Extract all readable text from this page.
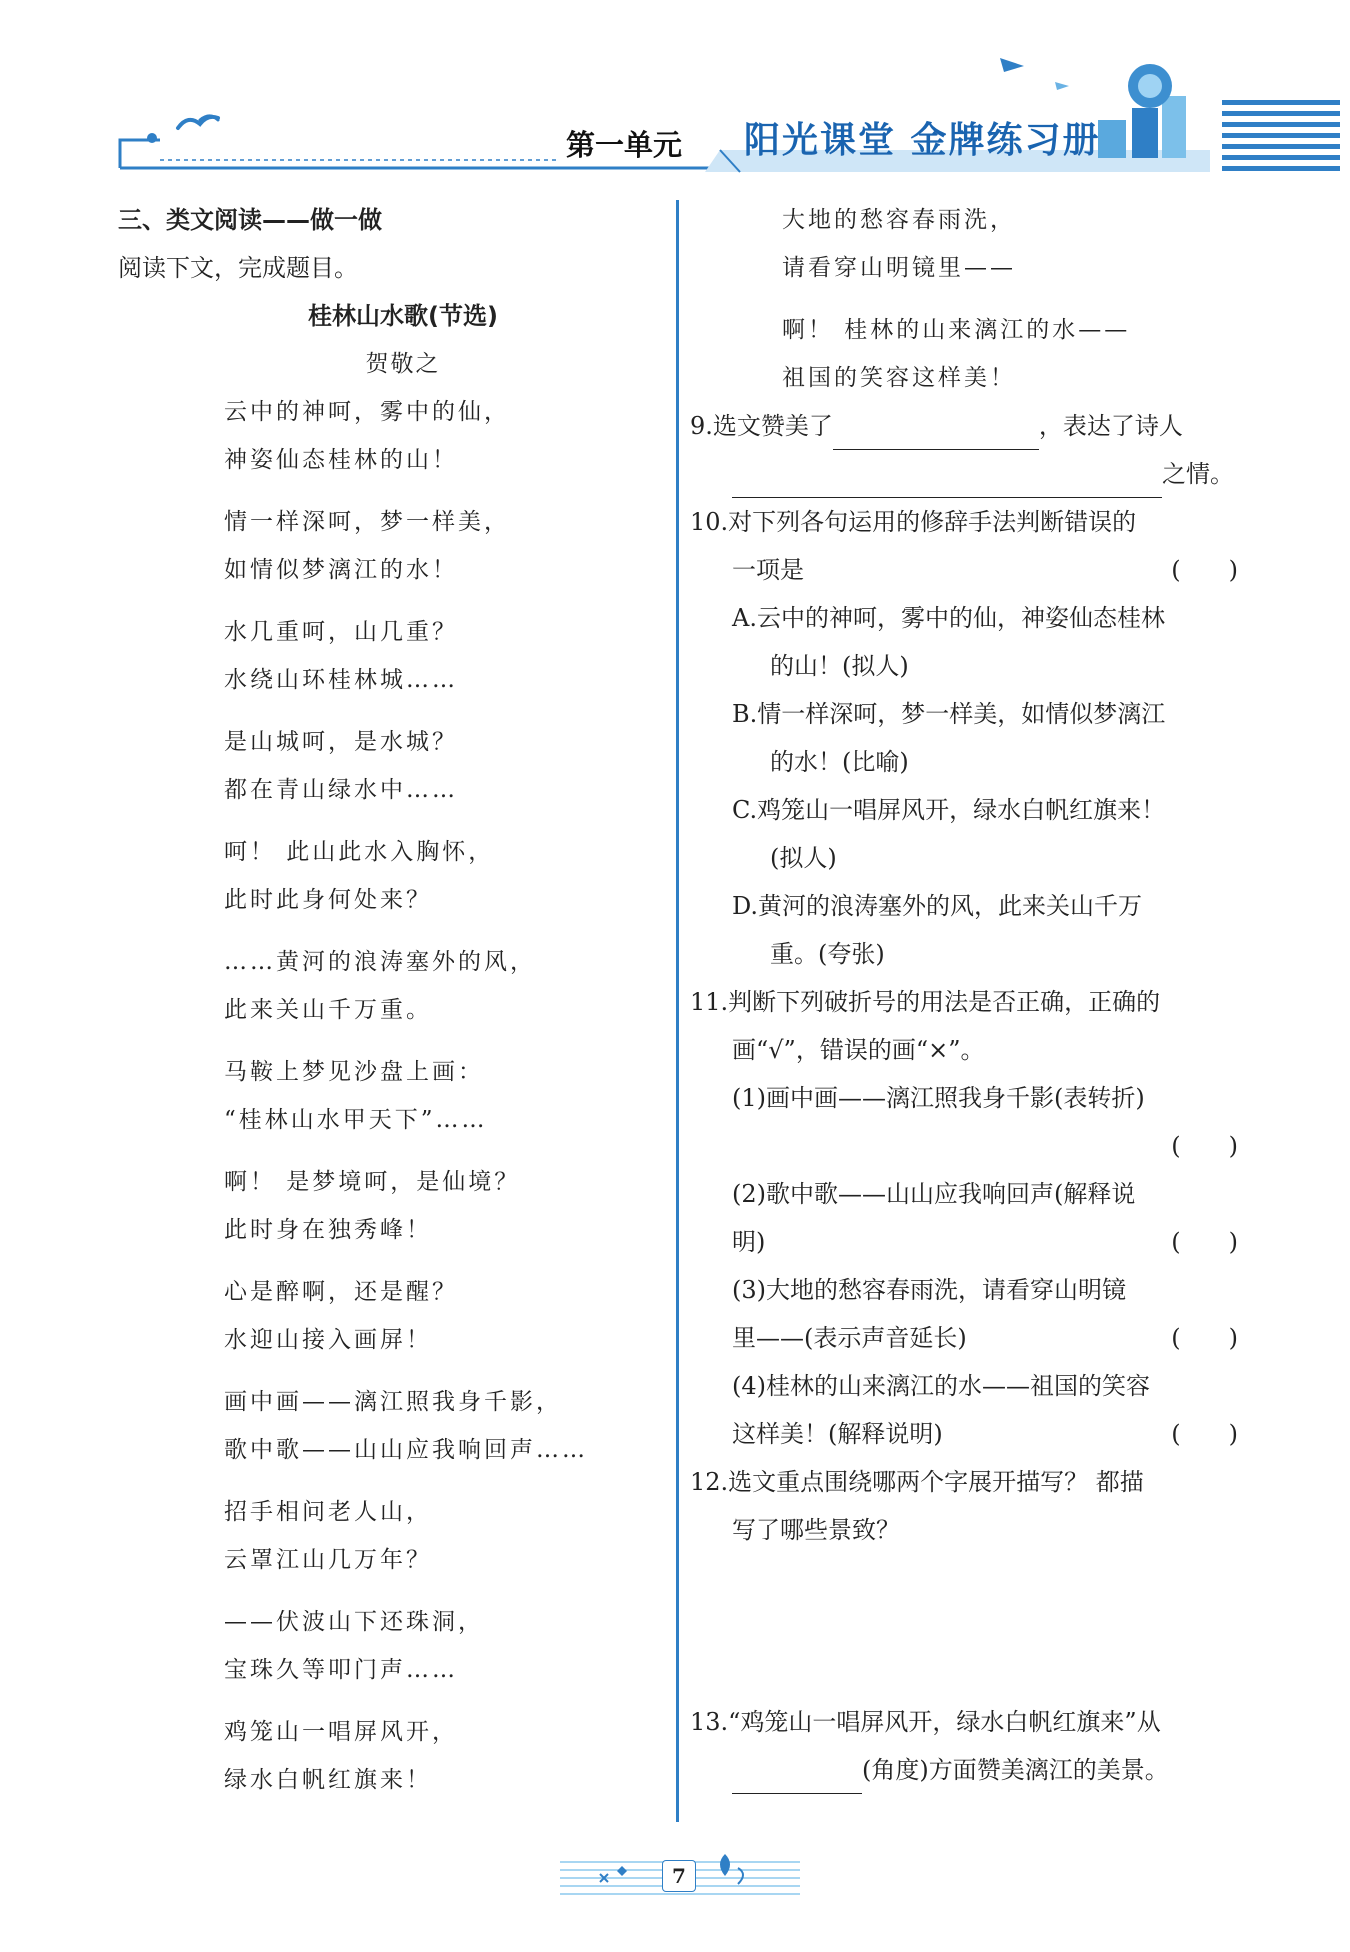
第一单元 阳光课堂 金牌练习册
三、类文阅读——做一做
阅读下文，完成题目。
桂林山水歌(节选)
贺敬之
云中的神呵，雾中的仙，
神姿仙态桂林的山！
情一样深呵，梦一样美，
如情似梦漓江的水！
水几重呵，山几重？
水绕山环桂林城……
是山城呵，是水城？
都在青山绿水中……
呵！ 此山此水入胸怀，
此时此身何处来？
……黄河的浪涛塞外的风，
此来关山千万重。
马鞍上梦见沙盘上画：
“桂林山水甲天下”……
啊！ 是梦境呵，是仙境？
此时身在独秀峰！
心是醉啊，还是醒？
水迎山接入画屏！
画中画——漓江照我身千影，
歌中歌——山山应我响回声……
招手相问老人山，
云罩江山几万年？
——伏波山下还珠洞，
宝珠久等叩门声……
鸡笼山一唱屏风开，
绿水白帆红旗来！
大地的愁容春雨洗，
请看穿山明镜里——
啊！ 桂林的山来漓江的水——
祖国的笑容这样美！
9.选文赞美了	，表达了诗人
之情。
10.对下列各句运用的修辞手法判断错误的
一项是	(　　)
A.云中的神呵，雾中的仙，神姿仙态桂林
的山！(拟人)
B.情一样深呵，梦一样美，如情似梦漓江
的水！(比喻)
C.鸡笼山一唱屏风开，绿水白帆红旗来！
(拟人)
D.黄河的浪涛塞外的风，此来关山千万
重。(夸张)
11.判断下列破折号的用法是否正确，正确的
画“√”，错误的画“×”。
(1)画中画——漓江照我身千影(表转折)
(　　)
(2)歌中歌——山山应我响回声(解释说
明)	(　　)
(3)大地的愁容春雨洗，请看穿山明镜
里——(表示声音延长)	(　　)
(4)桂林的山来漓江的水——祖国的笑容
这样美！(解释说明)	(　　)
12.选文重点围绕哪两个字展开描写？ 都描
写了哪些景致？
13.“鸡笼山一唱屏风开，绿水白帆红旗来”从
(角度)方面赞美漓江的美景。
7
